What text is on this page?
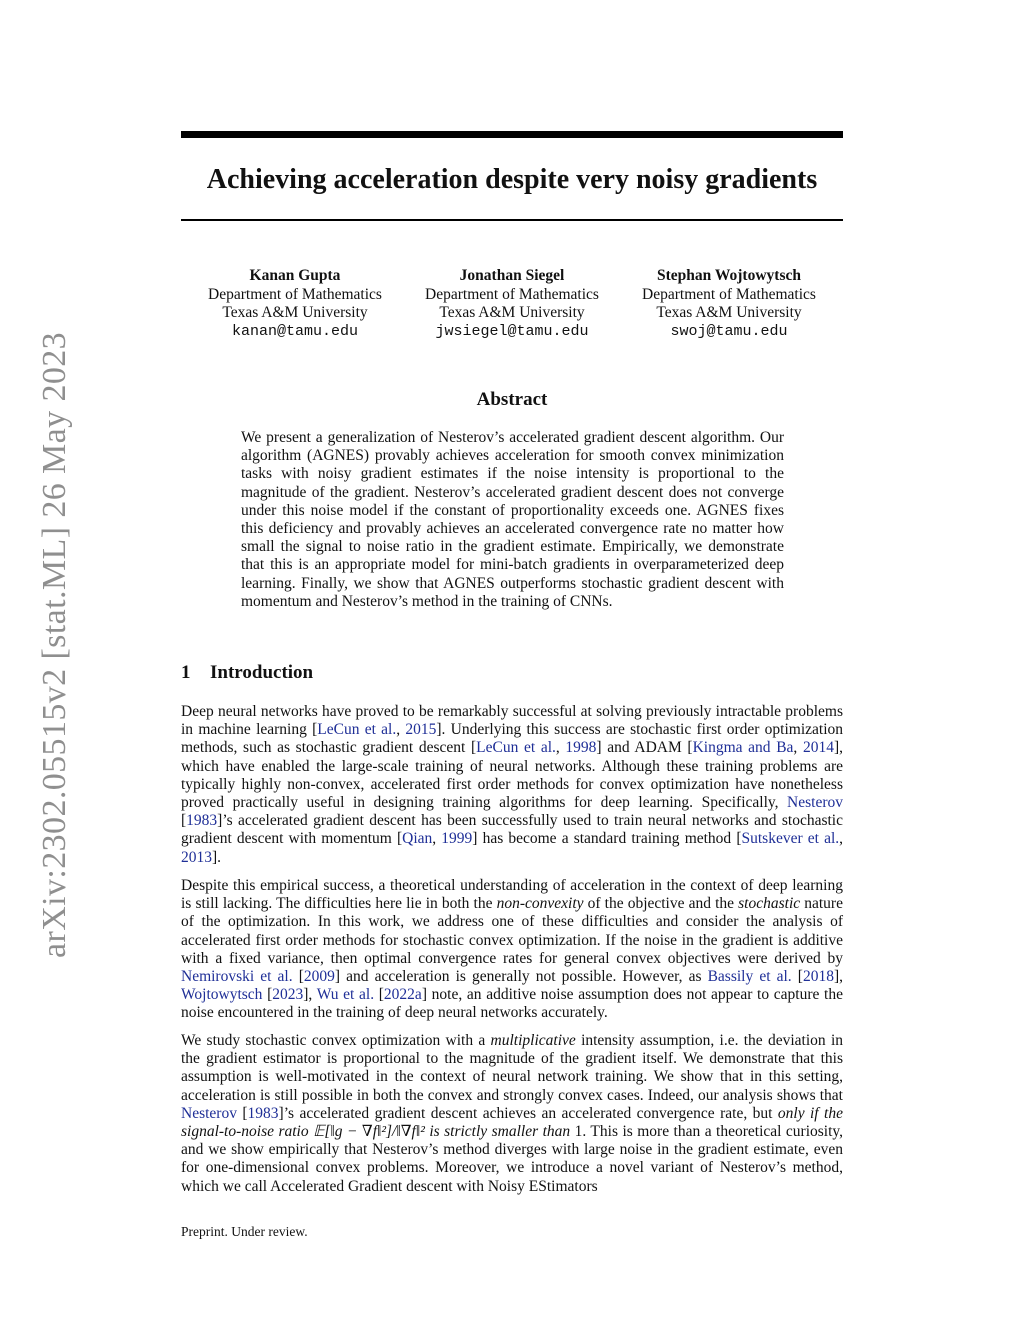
arXiv:2302.05515v2 [stat.ML] 26 May 2023
Achieving acceleration despite very noisy gradients
Kanan Gupta
Department of Mathematics
Texas A&M University
kanan@tamu.edu
Jonathan Siegel
Department of Mathematics
Texas A&M University
jwsiegel@tamu.edu
Stephan Wojtowytsch
Department of Mathematics
Texas A&M University
swoj@tamu.edu
Abstract

We present a generalization of Nesterov’s accelerated gradient descent algorithm. Our algorithm (AGNES) provably achieves acceleration for smooth convex minimization tasks with noisy gradient estimates if the noise intensity is proportional to the magnitude of the gradient. Nesterov’s accelerated gradient descent does not converge under this noise model if the constant of proportionality exceeds one. AGNES fixes this deficiency and provably achieves an accelerated convergence rate no matter how small the signal to noise ratio in the gradient estimate. Empirically, we demonstrate that this is an appropriate model for mini-batch gradients in overparameterized deep learning. Finally, we show that AGNES outperforms stochastic gradient descent with momentum and Nesterov’s method in the training of CNNs.

1 Introduction

Deep neural networks have proved to be remarkably successful at solving previously intractable problems in machine learning [LeCun et al., 2015]. Underlying this success are stochastic first order optimization methods, such as stochastic gradient descent [LeCun et al., 1998] and ADAM [Kingma and Ba, 2014], which have enabled the large-scale training of neural networks. Although these training problems are typically highly non-convex, accelerated first order methods for convex optimization have nonetheless proved practically useful in designing training algorithms for deep learning. Specifically, Nesterov [1983]’s accelerated gradient descent has been successfully used to train neural networks and stochastic gradient descent with momentum [Qian, 1999] has become a standard training method [Sutskever et al., 2013].

Despite this empirical success, a theoretical understanding of acceleration in the context of deep learning is still lacking. The difficulties here lie in both the non-convexity of the objective and the stochastic nature of the optimization. In this work, we address one of these difficulties and consider the analysis of accelerated first order methods for stochastic convex optimization. If the noise in the gradient is additive with a fixed variance, then optimal convergence rates for general convex objectives were derived by Nemirovski et al. [2009] and acceleration is generally not possible. However, as Bassily et al. [2018], Wojtowytsch [2023], Wu et al. [2022a] note, an additive noise assumption does not appear to capture the noise encountered in the training of deep neural networks accurately.

We study stochastic convex optimization with a multiplicative intensity assumption, i.e. the deviation in the gradient estimator is proportional to the magnitude of the gradient itself. We demonstrate that this assumption is well-motivated in the context of neural network training. We show that in this setting, acceleration is still possible in both the convex and strongly convex cases. Indeed, our analysis shows that Nesterov [1983]’s accelerated gradient descent achieves an accelerated convergence rate, but only if the signal-to-noise ratio 𝔼[‖g − ∇f‖²]/‖∇f‖² is strictly smaller than 1. This is more than a theoretical curiosity, and we show empirically that Nesterov’s method diverges with large noise in the gradient estimate, even for one-dimensional convex problems. Moreover, we introduce a novel variant of Nesterov’s method, which we call Accelerated Gradient descent with Noisy EStimators

Preprint. Under review.
